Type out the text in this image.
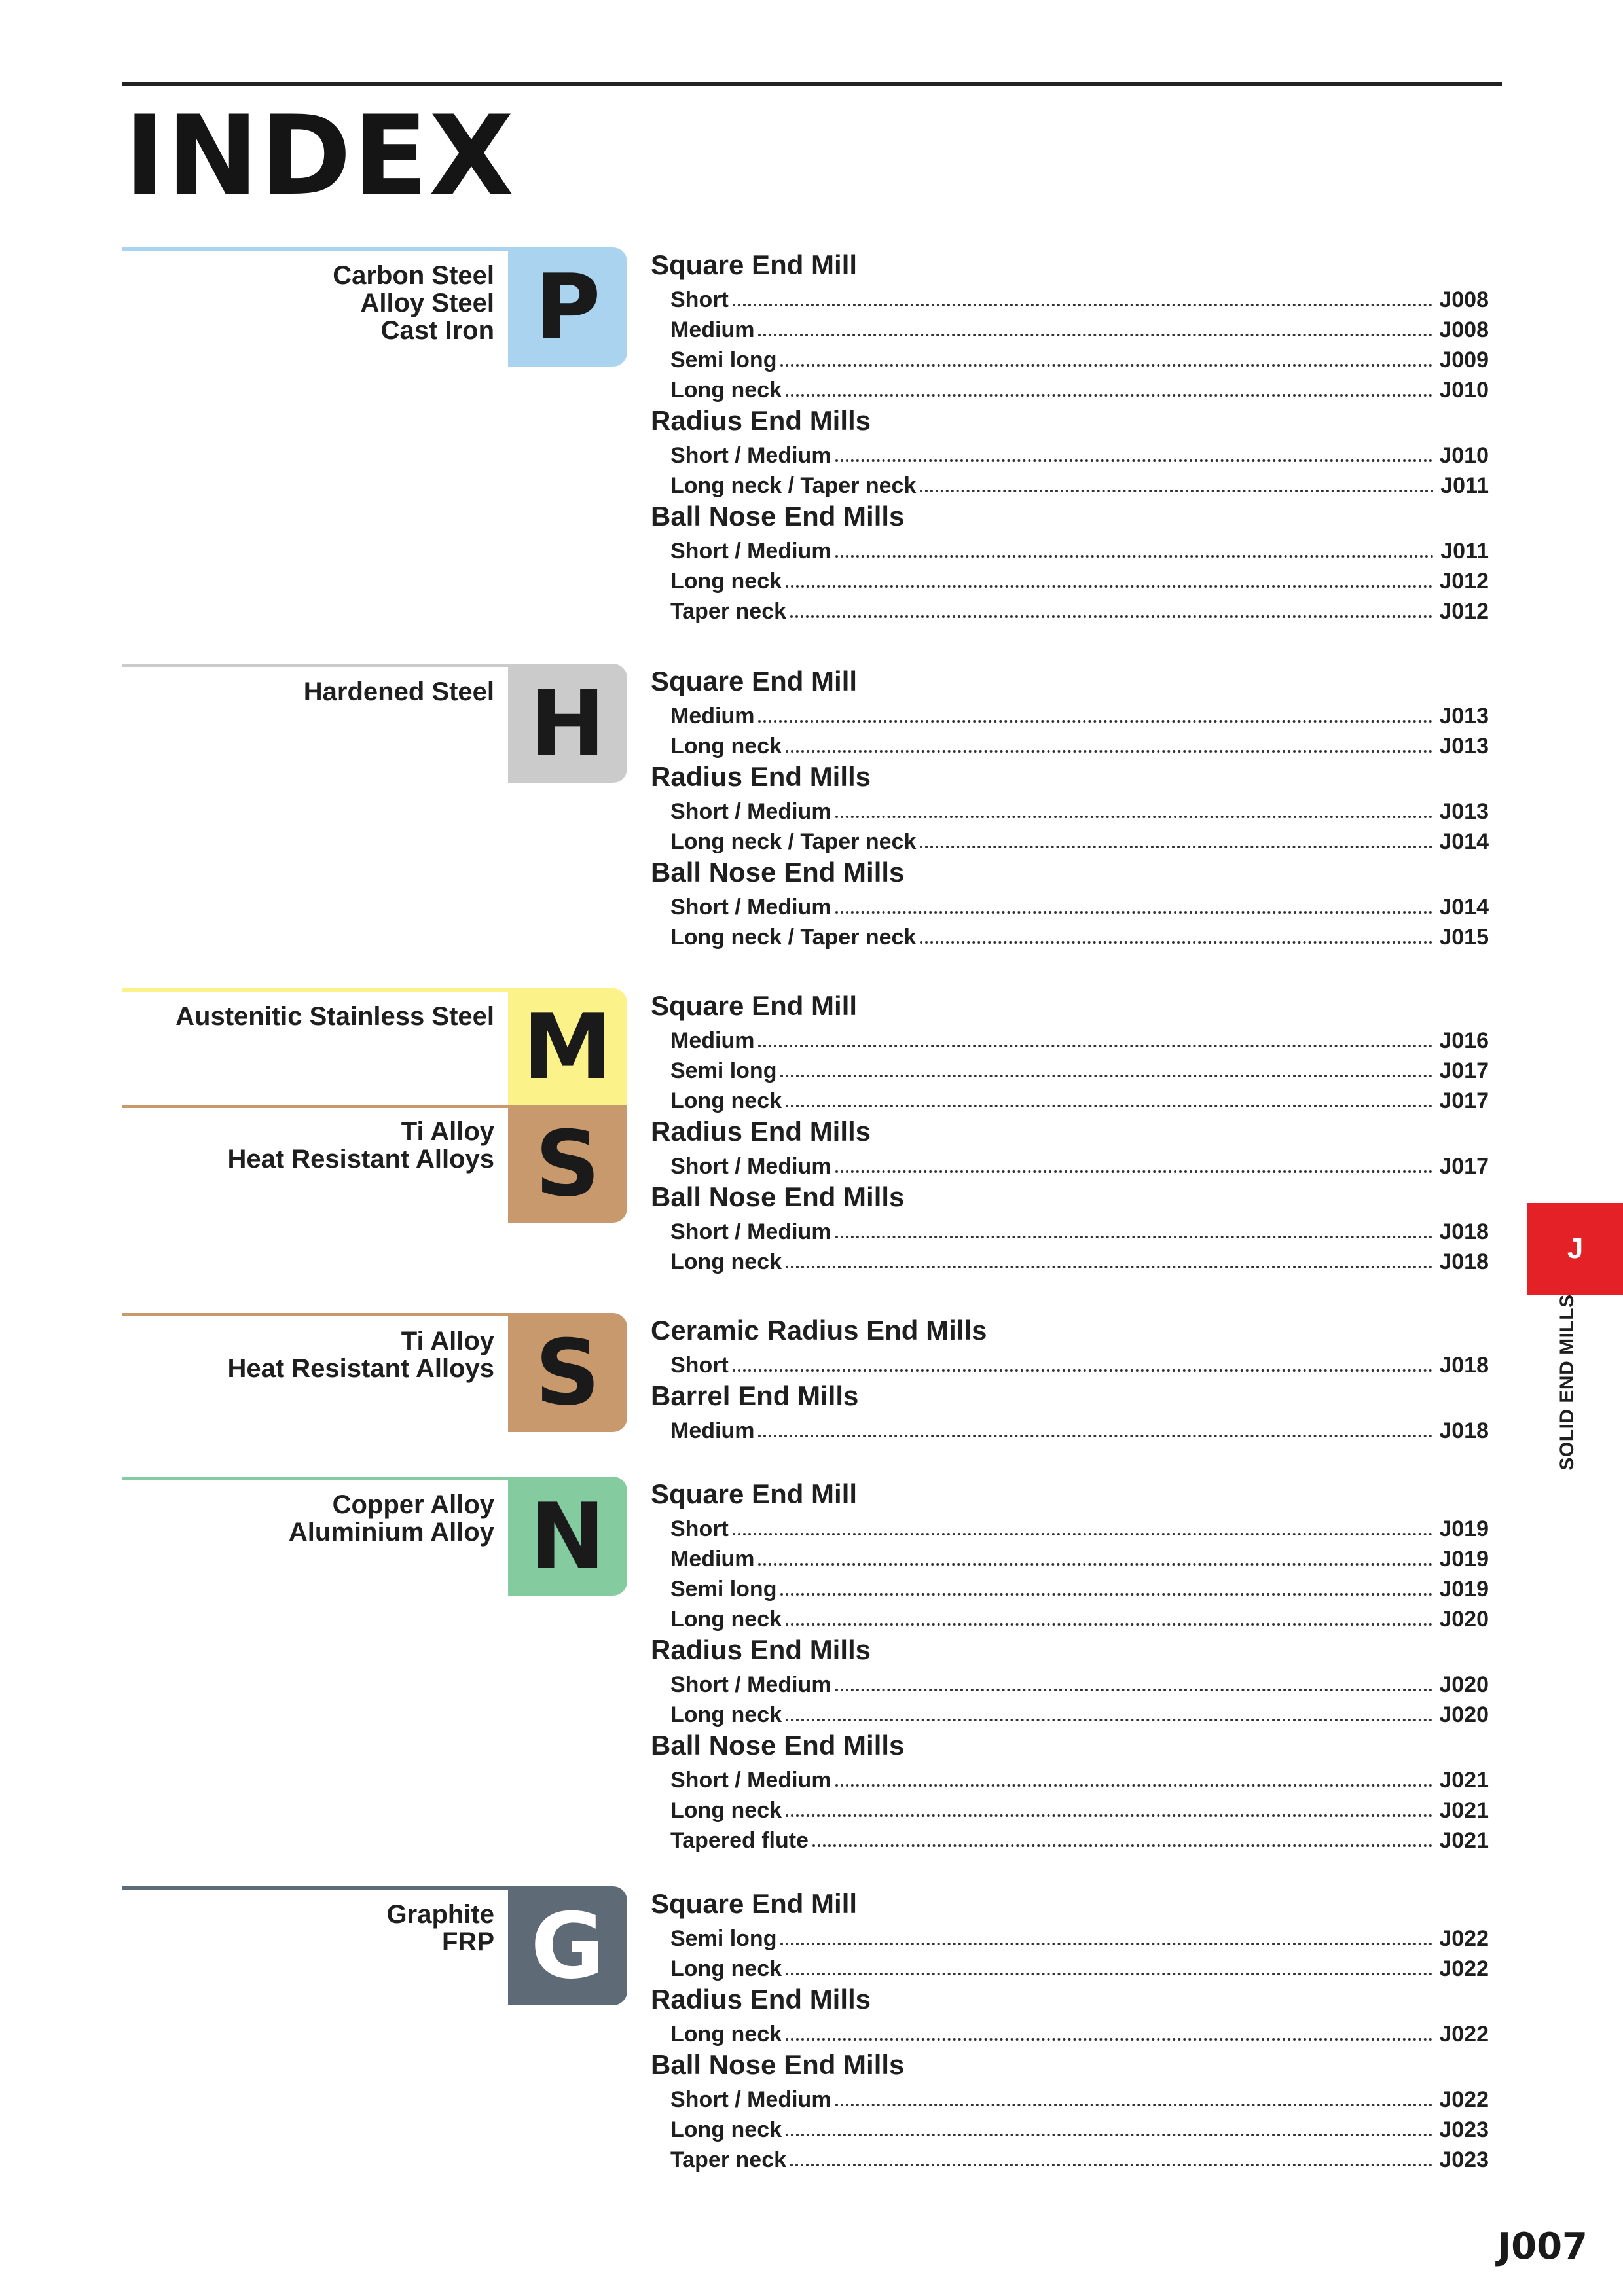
INDEX
Carbon Steel
Alloy Steel
Cast Iron P	Square End Mill
Short	J008
Medium	J008
Semi long	J009
Long neck	J010
Radius End Mills
Short / Medium	J010
Long neck / Taper neck	J011
Ball Nose End Mills
Short / Medium	J011
Long neck	J012
Taper neck	J012
Hardened Steel H	Square End Mill
Medium	J013
Long neck	J013
Radius End Mills
Short / Medium	J013
Long neck / Taper neck	J014
Ball Nose End Mills
Short / Medium	J014
Long neck / Taper neck	J015
Austenitic Stainless Steel M
Ti Alloy
Heat Resistant Alloys S
Square End Mill
Medium	J016
Semi long	J017
Long neck	J017
Radius End Mills
Short / Medium	J017
Ball Nose End Mills
Short / Medium	J018
Long neck	J018
Ti Alloy
Heat Resistant Alloys S	Ceramic Radius End Mills
Short	J018
Barrel End Mills
Medium	J018
Copper Alloy
Aluminium Alloy N	Square End Mill
Short	J019
Medium	J019
Semi long	J019
Long neck	J020
Radius End Mills
Short / Medium	J020
Long neck	J020
Ball Nose End Mills
Short / Medium	J021
Long neck	J021
Tapered flute	J021
Graphite
FRP G	Square End Mill
Semi long	J022
Long neck	J022
Radius End Mills
Long neck	J022
Ball Nose End Mills
Short / Medium	J022
Long neck	J023
Taper neck	J023
J
SOLID END MILLS
J007
